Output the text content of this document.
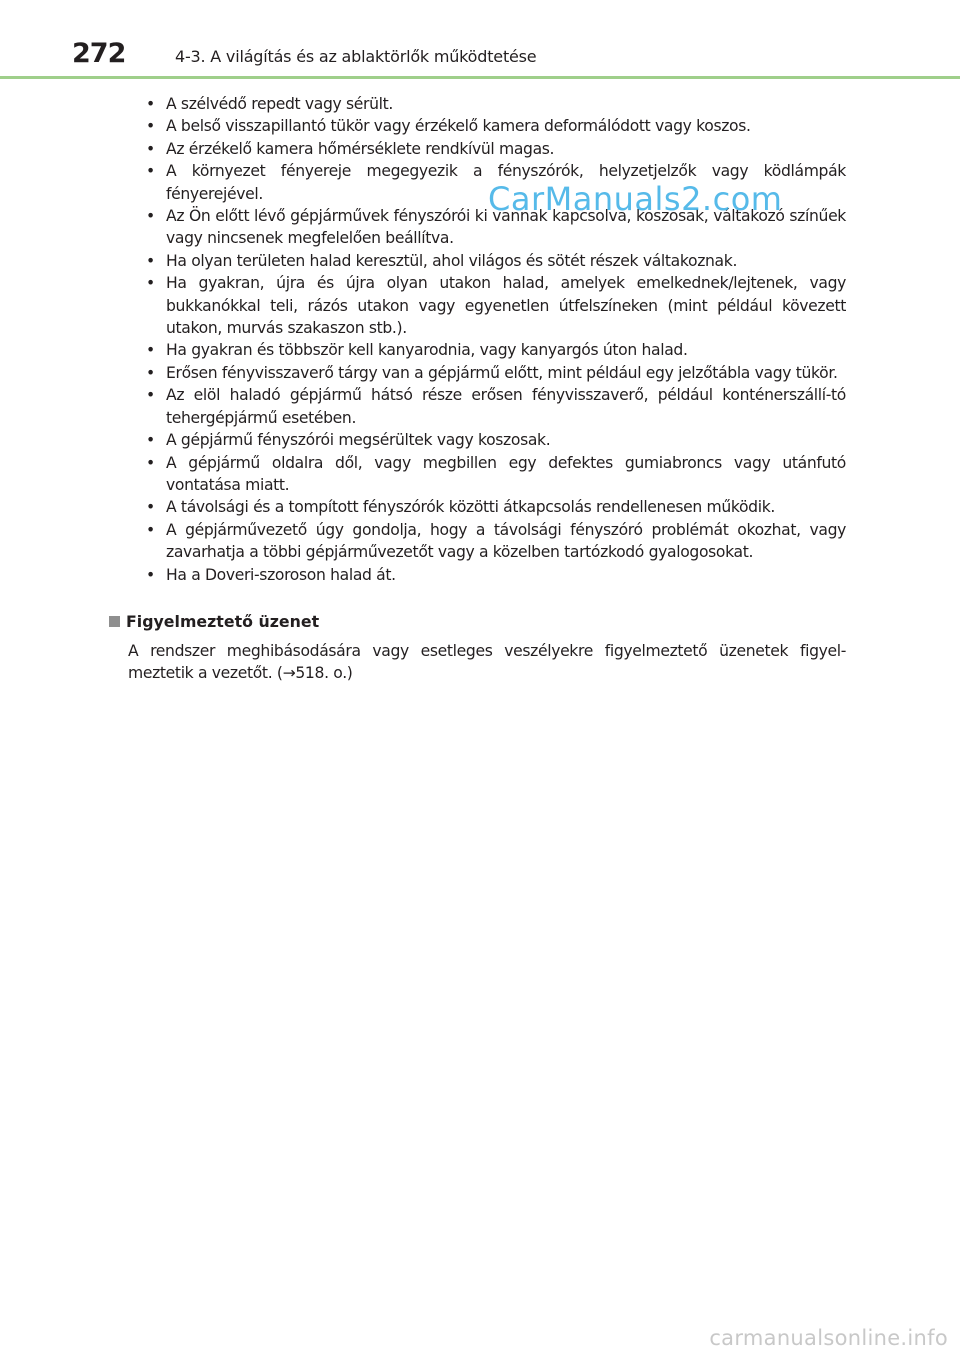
272	4-3. A világítás és az ablaktörlők működtetése
• A szélvédő repedt vagy sérült.
• A belső visszapillantó tükör vagy érzékelő kamera deformálódott vagy koszos.
• Az érzékelő kamera hőmérséklete rendkívül magas.
• A környezet fényereje megegyezik a fényszórók, helyzetjelzők vagy ködlámpák fényerejével.
• Az Ön előtt lévő gépjárművek fényszórói ki vannak kapcsolva, koszosak, váltakozó színűek vagy nincsenek megfelelően beállítva.
• Ha olyan területen halad keresztül, ahol világos és sötét részek váltakoznak.
• Ha gyakran, újra és újra olyan utakon halad, amelyek emelkednek/lejtenek, vagy bukkanókkal teli, rázós utakon vagy egyenetlen útfelszíneken (mint például kövezett utakon, murvás szakaszon stb.).
• Ha gyakran és többször kell kanyarodnia, vagy kanyargós úton halad.
• Erősen fényvisszaverő tárgy van a gépjármű előtt, mint például egy jelzőtábla vagy tükör.
• Az elöl haladó gépjármű hátsó része erősen fényvisszaverő, például konténerszállí-tó tehergépjármű esetében.
• A gépjármű fényszórói megsérültek vagy koszosak.
• A gépjármű oldalra dől, vagy megbillen egy defektes gumiabroncs vagy utánfutó vontatása miatt.
• A távolsági és a tompított fényszórók közötti átkapcsolás rendellenesen működik.
• A gépjárművezető úgy gondolja, hogy a távolsági fényszóró problémát okozhat, vagy zavarhatja a többi gépjárművezetőt vagy a közelben tartózkodó gyalogosokat.
• Ha a Doveri-szoroson halad át.
CarManuals2.com
Figyelmeztető üzenet

A rendszer meghibásodására vagy esetleges veszélyekre figyelmeztető üzenetek figyel-meztetik a vezetőt. (→518. o.)

carmanualsonline.info
